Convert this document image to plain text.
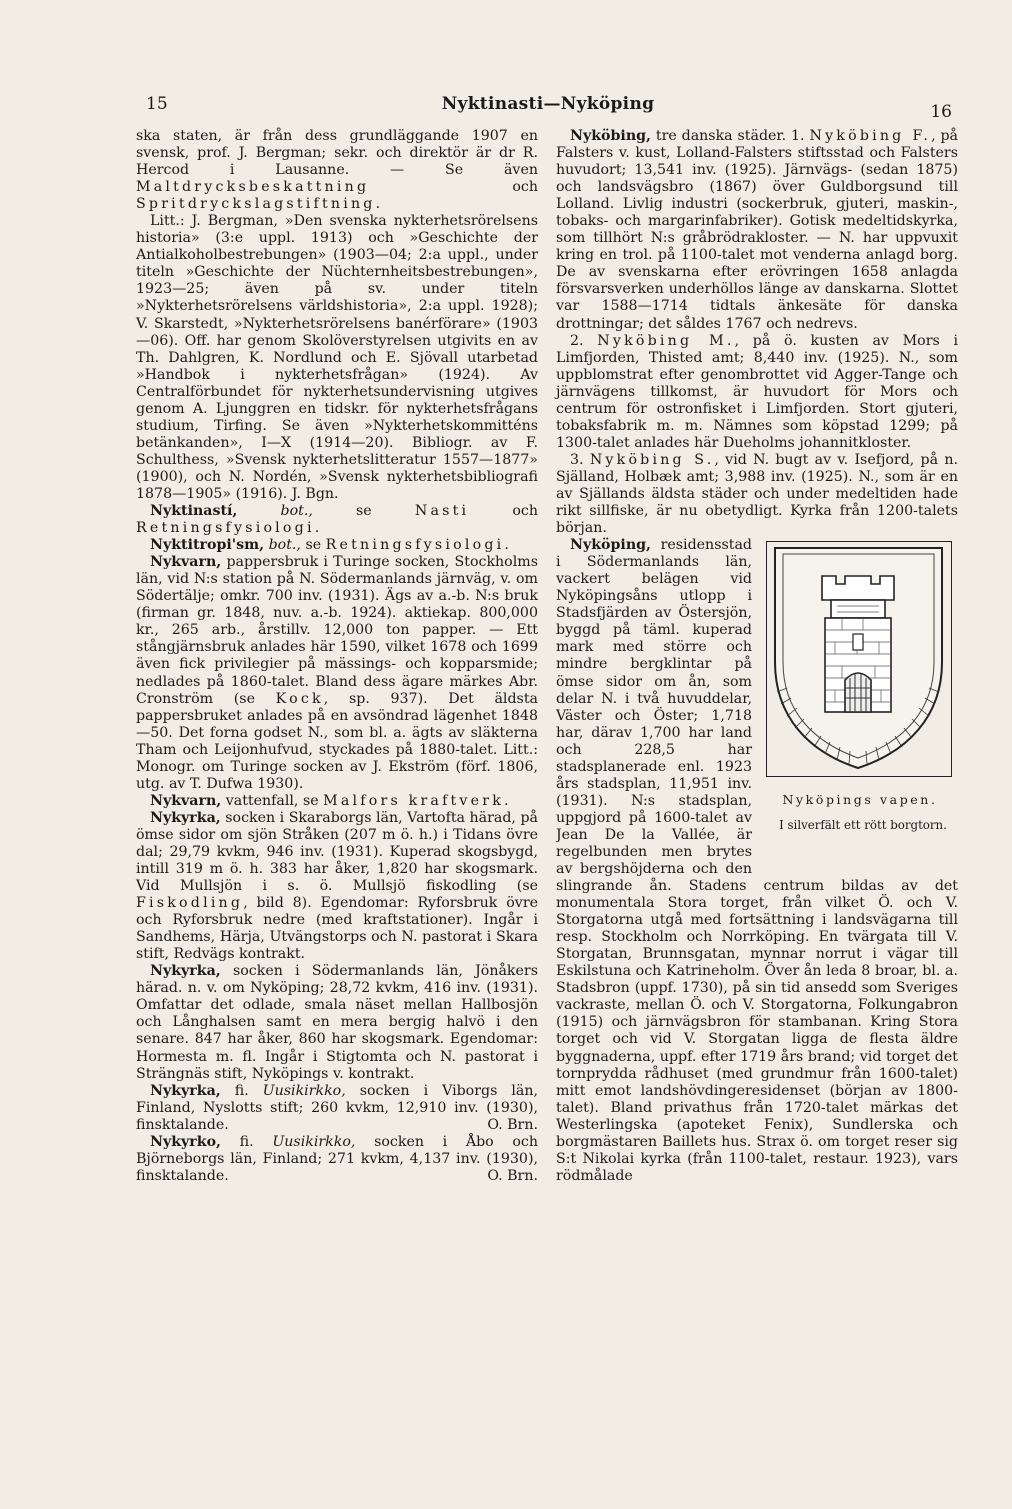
15	Nyktinasti—Nyköping	16

ska staten, är från dess grundläggande 1907 en svensk, prof. J. Bergman; sekr. och direktör är dr R. Hercod i Lausanne. — Se även Maltdrycksbeskattning	och Spritdryckslagstiftning.

Litt.: J. Bergman, »Den svenska nykterhetsrörelsens historia» (3:e uppl. 1913) och »Geschichte der Antialkoholbestrebungen» (1903—04; 2:a uppl., under titeln »Geschichte der Nüchternheitsbestrebungen», 1923—25; även på sv. under titeln »Nykterhetsrörelsens världshistoria», 2:a uppl. 1928); V. Skarstedt, »Nykterhetsrörelsens banérförare» (1903—06). Off. har genom Skolöverstyrelsen utgivits en av Th. Dahlgren, K. Nordlund och E. Sjövall utarbetad »Handbok i nykterhetsfrågan» (1924). Av Centralförbundet för nykterhetsundervisning utgives genom A. Ljunggren en tidskr. för nykterhetsfrågans studium, Tirfing. Se även »Nykterhetskommitténs betänkanden», I—X (1914—20). Bibliogr. av F. Schulthess, »Svensk nykterhetslitteratur 1557—1877» (1900), och N. Nordén, »Svensk nykterhetsbibliografi 1878—1905» (1916). J. Bgn.

Nyktinastí,	bot.,	se	Nasti	och Retningsfysiologi.

Nyktitropi'sm, bot., se Retningsfysiologi.

Nykvarn, pappersbruk i Turinge socken, Stockholms län, vid N:s station på N. Södermanlands järnväg, v. om Södertälje; omkr. 700 inv. (1931). Ägs av a.-b. N:s bruk (firman gr. 1848, nuv. a.-b. 1924). aktiekap. 800,000 kr., 265 arb., årstillv. 12,000 ton papper. — Ett stångjärnsbruk anlades här 1590, vilket 1678 och 1699 även fick privilegier på mässings- och kopparsmide; nedlades på 1860-talet. Bland dess ägare märkes Abr. Cronström (se Kock, sp. 937). Det äldsta pappersbruket anlades på en avsöndrad lägenhet 1848—50. Det forna godset N., som bl. a. ägts av släkterna Tham och Leijonhufvud, styckades på 1880-talet. Litt.: Monogr. om Turinge socken av J. Ekström (förf. 1806, utg. av T. Dufwa 1930).

Nykvarn, vattenfall, se Malfors kraftverk.

Nykyrka, socken i Skaraborgs län, Vartofta härad, på ömse sidor om sjön Stråken (207 m ö. h.) i Tidans övre dal; 29,79 kvkm, 946 inv. (1931). Kuperad skogsbygd, intill 319 m ö. h. 383 har åker, 1,820 har skogsmark. Vid Mullsjön i s. ö. Mullsjö fiskodling (se Fiskodling, bild 8). Egendomar: Ryforsbruk övre och Ryforsbruk nedre (med kraftstationer). Ingår i Sandhems, Härja, Utvängstorps och N. pastorat i Skara stift, Redvägs kontrakt.

Nykyrka, socken i Södermanlands län, Jönåkers härad. n. v. om Nyköping; 28,72 kvkm, 416 inv. (1931). Omfattar det odlade, smala näset mellan Hallbosjön och Långhalsen samt en mera bergig halvö i den senare. 847 har åker, 860 har skogsmark. Egendomar: Hormesta m. fl. Ingår i Stigtomta och N. pastorat i Strängnäs stift, Nyköpings v. kontrakt.

Nykyrka, fi. Uusikirkko, socken i Viborgs län, Finland, Nyslotts stift; 260 kvkm, 12,910 inv. (1930), finsktalande.	O. Brn.

Nykyrko, fi. Uusikirkko, socken i Åbo och Björneborgs län, Finland; 271 kvkm, 4,137 inv. (1930), finsktalande.	O. Brn.

Nyköbing, tre danska städer. 1. Nyköbing F., på Falsters v. kust, Lolland-Falsters stiftsstad och Falsters huvudort; 13,541 inv. (1925). Järnvägs- (sedan 1875) och landsvägsbro (1867) över Guldborgsund till Lolland. Livlig industri (sockerbruk, gjuteri, maskin-, tobaks- och margarinfabriker). Gotisk medeltidskyrka, som tillhört N:s gråbrödrakloster. — N. har uppvuxit kring en trol. på 1100-talet mot venderna anlagd borg. De av svenskarna efter erövringen 1658 anlagda försvarsverken underhöllos länge av danskarna. Slottet var 1588—1714 tidtals änkesäte för danska drottningar; det såldes 1767 och nedrevs.

2. Nyköbing M., på ö. kusten av Mors i Limfjorden, Thisted amt; 8,440 inv. (1925). N., som uppblomstrat efter genombrottet vid Agger-Tange och järnvägens tillkomst, är huvudort för Mors och centrum för ostronfisket i Limfjorden. Stort gjuteri, tobaksfabrik m. m. Nämnes som köpstad 1299; på 1300-talet anlades här Dueholms johannitkloster.

3. Nyköbing S., vid N. bugt av v. Isefjord, på n. Själland, Holbæk amt; 3,988 inv. (1925). N., som är en av Själlands äldsta städer och under medeltiden hade rikt sillfiske, är nu obetydligt. Kyrka från 1200-talets början.

Nyköpings vapen.
I silverfält ett rött borgtorn.

Nyköping, residensstad i Södermanlands län, vackert belägen vid Nyköpingsåns utlopp i Stadsfjärden av Östersjön, byggd på täml. kuperad mark med större och mindre bergklintar på ömse sidor om ån, som delar N. i två huvuddelar, Väster och Öster; 1,718 har, därav 1,700 har land och 228,5 har stadsplanerade enl. 1923 års stadsplan, 11,951 inv. (1931). N:s stadsplan, uppgjord på 1600-talet av Jean De la Vallée, är regelbunden men brytes av bergshöjderna och den slingrande ån. Stadens centrum bildas av det monumentala Stora torget, från vilket Ö. och V. Storgatorna utgå med fortsättning i landsvägarna till resp. Stockholm och Norrköping. En tvärgata till V. Storgatan, Brunnsgatan, mynnar norrut i vägar till Eskilstuna och Katrineholm. Över ån leda 8 broar, bl. a. Stadsbron (uppf. 1730), på sin tid ansedd som Sveriges vackraste, mellan Ö. och V. Storgatorna, Folkungabron (1915) och järnvägsbron för stambanan. Kring Stora torget och vid V. Storgatan ligga de flesta äldre byggnaderna, uppf. efter 1719 års brand; vid torget det tornprydda rådhuset (med grundmur från 1600-talet) mitt emot landshövdingeresidenset (början av 1800-talet). Bland privathus från 1720-talet märkas det Westerlingska (apoteket Fenix), Sundlerska och borgmästaren Baillets hus. Strax ö. om torget reser sig S:t Nikolai kyrka (från 1100-talet, restaur. 1923), vars rödmålade
